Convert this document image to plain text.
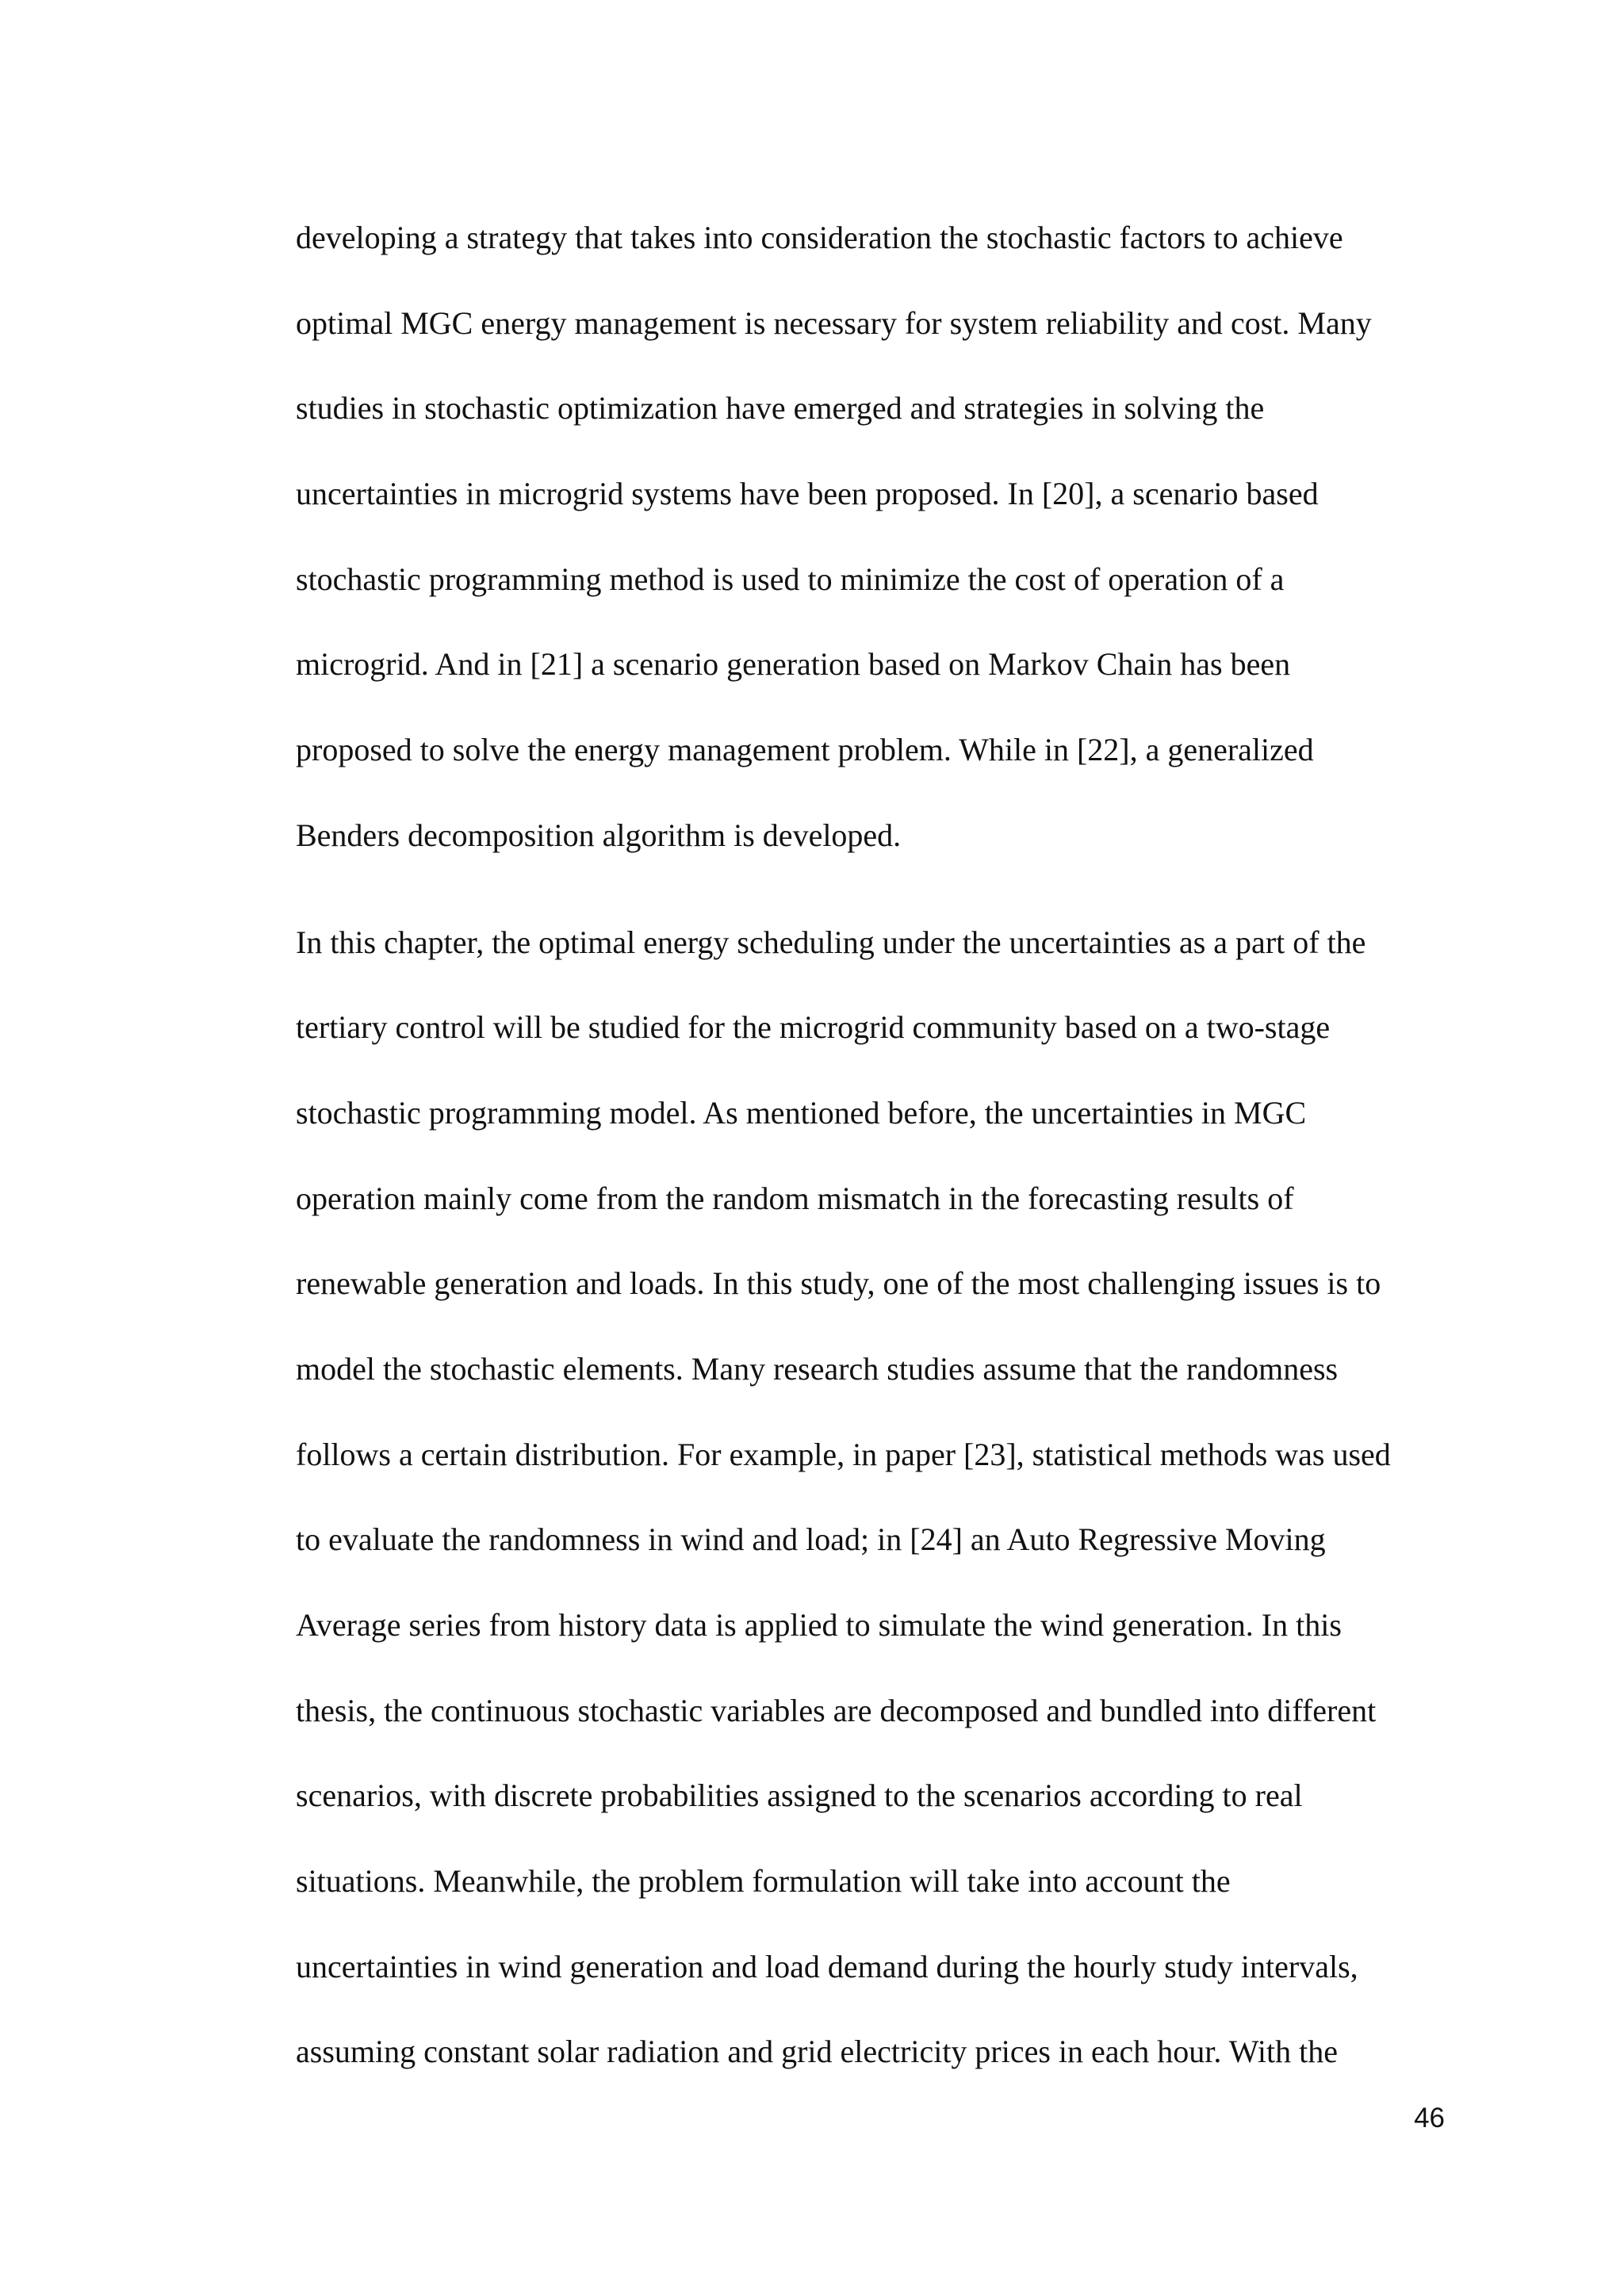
developing a strategy that takes into consideration the stochastic factors to achieve
optimal MGC energy management is necessary for system reliability and cost. Many
studies in stochastic optimization have emerged and strategies in solving the
uncertainties in microgrid systems have been proposed. In [20], a scenario based
stochastic programming method is used to minimize the cost of operation of a
microgrid. And in [21] a scenario generation based on Markov Chain has been
proposed to solve the energy management problem. While in [22], a generalized
Benders decomposition algorithm is developed.
In this chapter, the optimal energy scheduling under the uncertainties as a part of the
tertiary control will be studied for the microgrid community based on a two-stage
stochastic programming model. As mentioned before, the uncertainties in MGC
operation mainly come from the random mismatch in the forecasting results of
renewable generation and loads. In this study, one of the most challenging issues is to
model the stochastic elements. Many research studies assume that the randomness
follows a certain distribution. For example, in paper [23], statistical methods was used
to evaluate the randomness in wind and load; in [24] an Auto Regressive Moving
Average series from history data is applied to simulate the wind generation. In this
thesis, the continuous stochastic variables are decomposed and bundled into different
scenarios, with discrete probabilities assigned to the scenarios according to real
situations. Meanwhile, the problem formulation will take into account the
uncertainties in wind generation and load demand during the hourly study intervals,
assuming constant solar radiation and grid electricity prices in each hour. With the
46
